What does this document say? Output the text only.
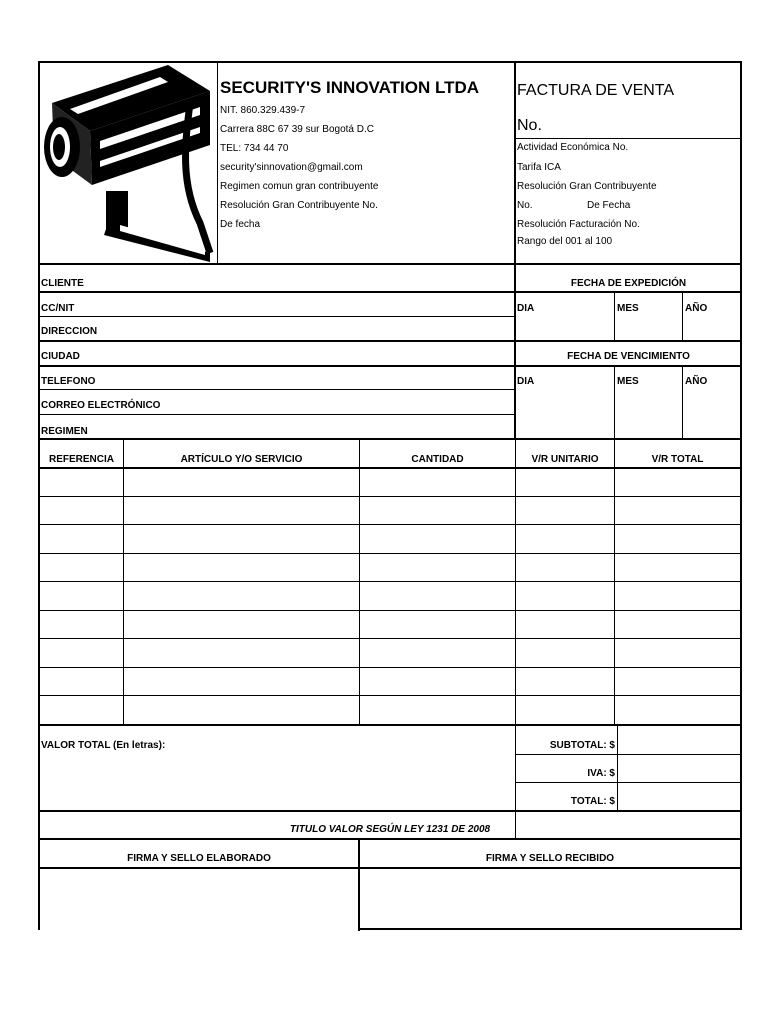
SECURITY'S INNOVATION LTDA
NIT. 860.329.439-7
Carrera 88C 67 39 sur Bogotá D.C
TEL: 734 44 70
security'sinnovation@gmail.com
Regimen comun gran contribuyente
Resolución Gran Contribuyente No.
De fecha
FACTURA DE VENTA
No.
Actividad Económica No.
Tarifa ICA
Resolución Gran Contribuyente
No.	De Fecha
Resolución Facturación No.
Rango del 001 al 100
CLIENTE
CC/NIT
DIRECCION
CIUDAD
TELEFONO
CORREO ELECTRÓNICO
REGIMEN
FECHA DE EXPEDICIÓN
DIA	MES	AÑO
FECHA DE VENCIMIENTO
DIA	MES	AÑO
REFERENCIA	ARTÍCULO Y/O SERVICIO	CANTIDAD	V/R UNITARIO	V/R TOTAL
VALOR TOTAL (En letras):	SUBTOTAL: $
IVA: $
TOTAL: $
TITULO VALOR SEGÚN LEY 1231 DE 2008
FIRMA Y SELLO ELABORADO	FIRMA Y SELLO RECIBIDO
